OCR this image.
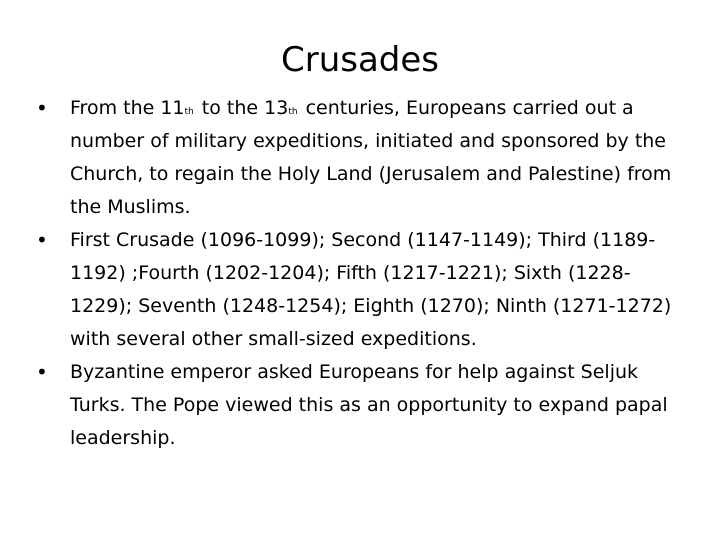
Crusades
•	From the 11th to the 13th centuries, Europeans carried out a number of military expeditions, initiated and sponsored by the Church, to regain the Holy Land (Jerusalem and Palestine) from the Muslims.
•	First Crusade (1096-1099); Second (1147-1149); Third (1189-1192) ;Fourth (1202-1204); Fifth (1217-1221); Sixth (1228-1229); Seventh (1248-1254); Eighth (1270); Ninth (1271-1272) with several other small-sized expeditions.
•	Byzantine emperor asked Europeans for help against Seljuk Turks. The Pope viewed this as an opportunity to expand papal leadership.
